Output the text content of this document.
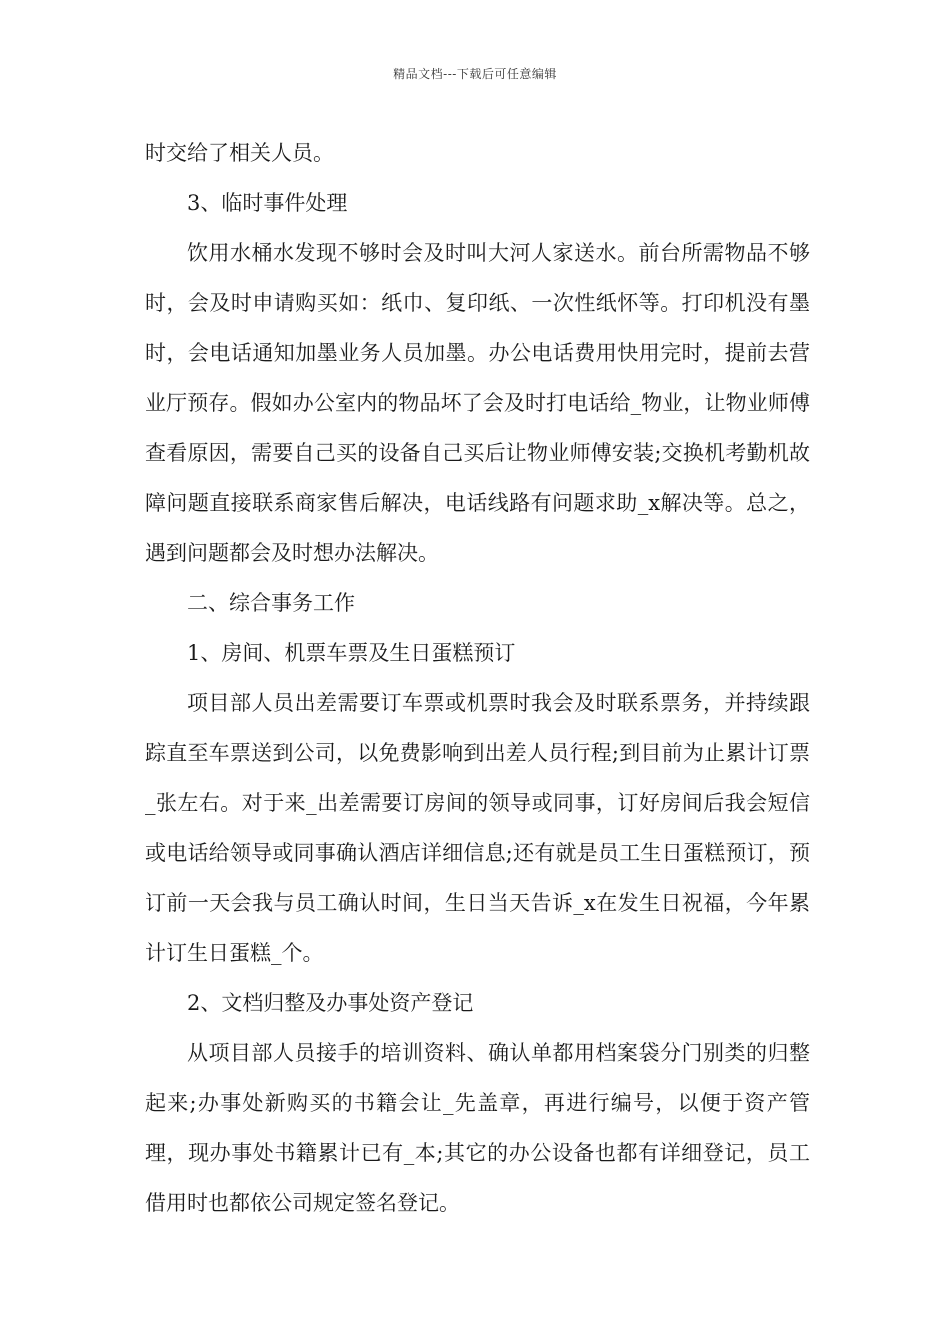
精品文档---下载后可任意编辑

时交给了相关人员。

3、临时事件处理

饮用水桶水发现不够时会及时叫大河人家送水。前台所需物品不够时，会及时申请购买如：纸巾、复印纸、一次性纸怀等。打印机没有墨时，会电话通知加墨业务人员加墨。办公电话费用快用完时，提前去营业厅预存。假如办公室内的物品坏了会及时打电话给_物业，让物业师傅查看原因，需要自己买的设备自己买后让物业师傅安装;交换机考勤机故障问题直接联系商家售后解决，电话线路有问题求助_x解决等。总之，遇到问题都会及时想办法解决。

二、综合事务工作

1、房间、机票车票及生日蛋糕预订

项目部人员出差需要订车票或机票时我会及时联系票务，并持续跟踪直至车票送到公司，以免费影响到出差人员行程;到目前为止累计订票_张左右。对于来_出差需要订房间的领导或同事，订好房间后我会短信或电话给领导或同事确认酒店详细信息;还有就是员工生日蛋糕预订，预订前一天会我与员工确认时间，生日当天告诉_x在发生日祝福，今年累计订生日蛋糕_个。

2、文档归整及办事处资产登记

从项目部人员接手的培训资料、确认单都用档案袋分门别类的归整起来;办事处新购买的书籍会让_先盖章，再进行编号，以便于资产管理，现办事处书籍累计已有_本;其它的办公设备也都有详细登记，员工借用时也都依公司规定签名登记。
